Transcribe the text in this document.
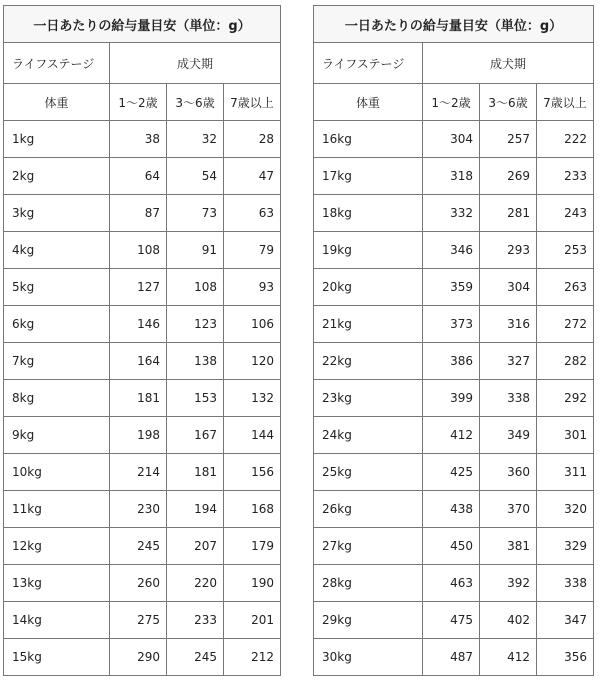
一日あたりの給与量目安（単位：g）			
ライフステージ	成犬期		
体重	1～2歳	3～6歳	7歳以上
1kg	38	32	28
2kg	64	54	47
3kg	87	73	63
4kg	108	91	79
5kg	127	108	93
6kg	146	123	106
7kg	164	138	120
8kg	181	153	132
9kg	198	167	144
10kg	214	181	156
11kg	230	194	168
12kg	245	207	179
13kg	260	220	190
14kg	275	233	201
15kg	290	245	212
一日あたりの給与量目安（単位：g）			
ライフステージ	成犬期		
体重	1～2歳	3～6歳	7歳以上
16kg	304	257	222
17kg	318	269	233
18kg	332	281	243
19kg	346	293	253
20kg	359	304	263
21kg	373	316	272
22kg	386	327	282
23kg	399	338	292
24kg	412	349	301
25kg	425	360	311
26kg	438	370	320
27kg	450	381	329
28kg	463	392	338
29kg	475	402	347
30kg	487	412	356
